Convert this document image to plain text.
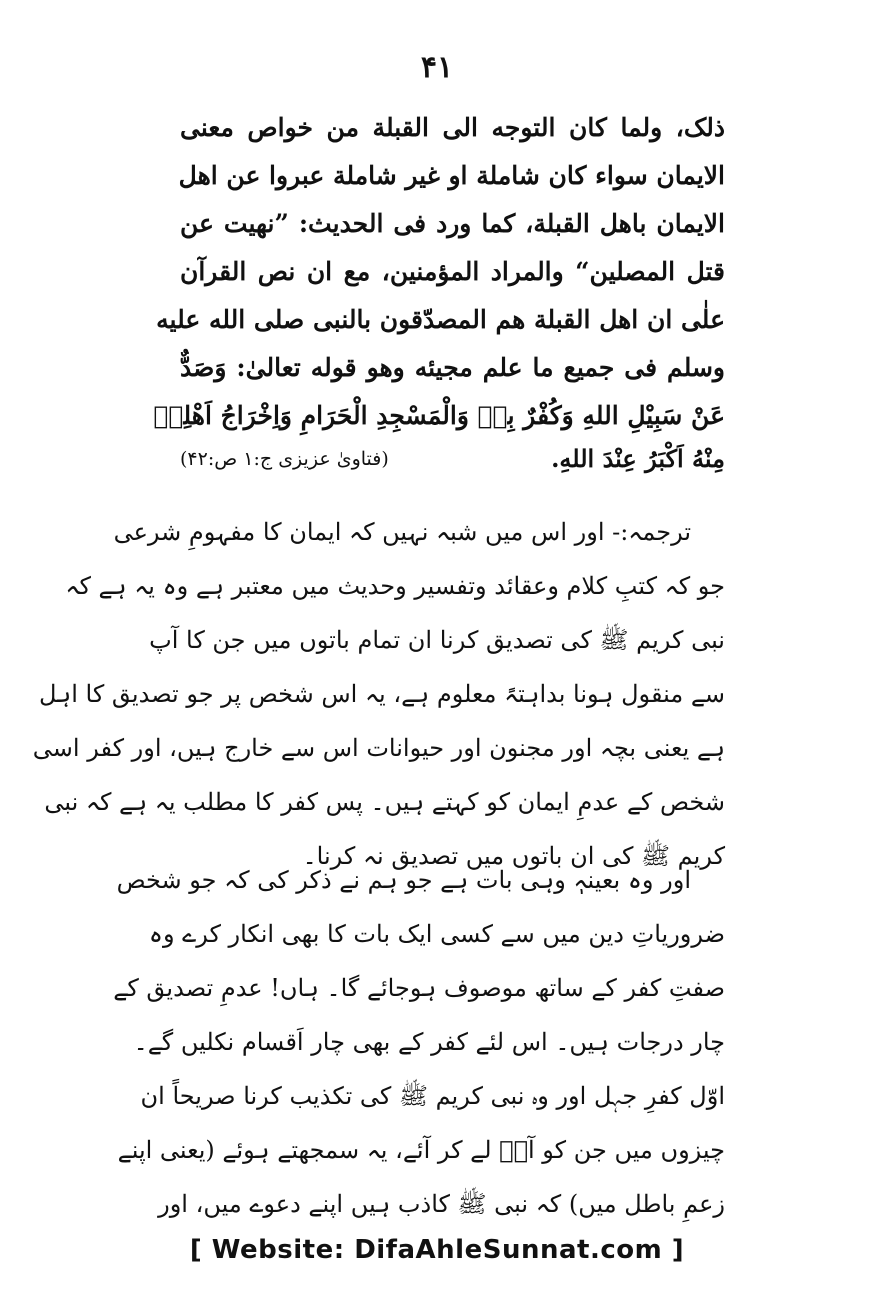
۴۱
ذلک، ولما کان التوجه الی القبلة من خواص معنی
الایمان سواء کان شاملة او غیر شاملة عبروا عن اهل
الایمان باهل القبلة، کما ورد فی الحدیث: ”نهیت عن
قتل المصلین“ والمراد المؤمنین، مع ان نص القرآن
علٰی ان اهل القبلة هم المصدّقون بالنبی صلی الله علیه
وسلم فی جمیع ما علم مجیئه وهو قوله تعالیٰ: وَصَدٌّ
عَنْ سَبِیْلِ اللهِ وَکُفْرٌ بِهٖ وَالْمَسْجِدِ الْحَرَامِ وَاِخْرَاجُ اَهْلِهٖ
مِنْهُ اَکْبَرُ عِنْدَ اللهِ.
(فتاویٰ عزیزی ج:۱ ص:۴۲)
ترجمہ:- اور اس میں شبہ نہیں کہ ایمان کا مفہومِ شرعی
جو کہ کتبِ کلام وعقائد وتفسیر وحدیث میں معتبر ہے وہ یہ ہے کہ
نبی کریم ﷺ کی تصدیق کرنا ان تمام باتوں میں جن کا آپ
سے منقول ہونا بداہتہً معلوم ہے، یہ اس شخص پر جو تصدیق کا اہل
ہے یعنی بچہ اور مجنون اور حیوانات اس سے خارج ہیں، اور کفر اسی
شخص کے عدمِ ایمان کو کہتے ہیں۔ پس کفر کا مطلب یہ ہے کہ نبی
کریم ﷺ کی ان باتوں میں تصدیق نہ کرنا۔
اور وہ بعینہٖ وہی بات ہے جو ہم نے ذکر کی کہ جو شخص
ضروریاتِ دین میں سے کسی ایک بات کا بھی انکار کرے وہ
صفتِ کفر کے ساتھ موصوف ہوجائے گا۔ ہاں! عدمِ تصدیق کے
چار درجات ہیں۔ اس لئے کفر کے بھی چار اَقسام نکلیں گے۔
اوّل کفرِ جہل اور وہ نبی کریم ﷺ کی تکذیب کرنا صریحاً ان
چیزوں میں جن کو آپؐ لے کر آئے، یہ سمجھتے ہوئے (یعنی اپنے
زعمِ باطل میں) کہ نبی ﷺ کاذب ہیں اپنے دعوے میں، اور
[ Website: DifaAhleSunnat.com ]
